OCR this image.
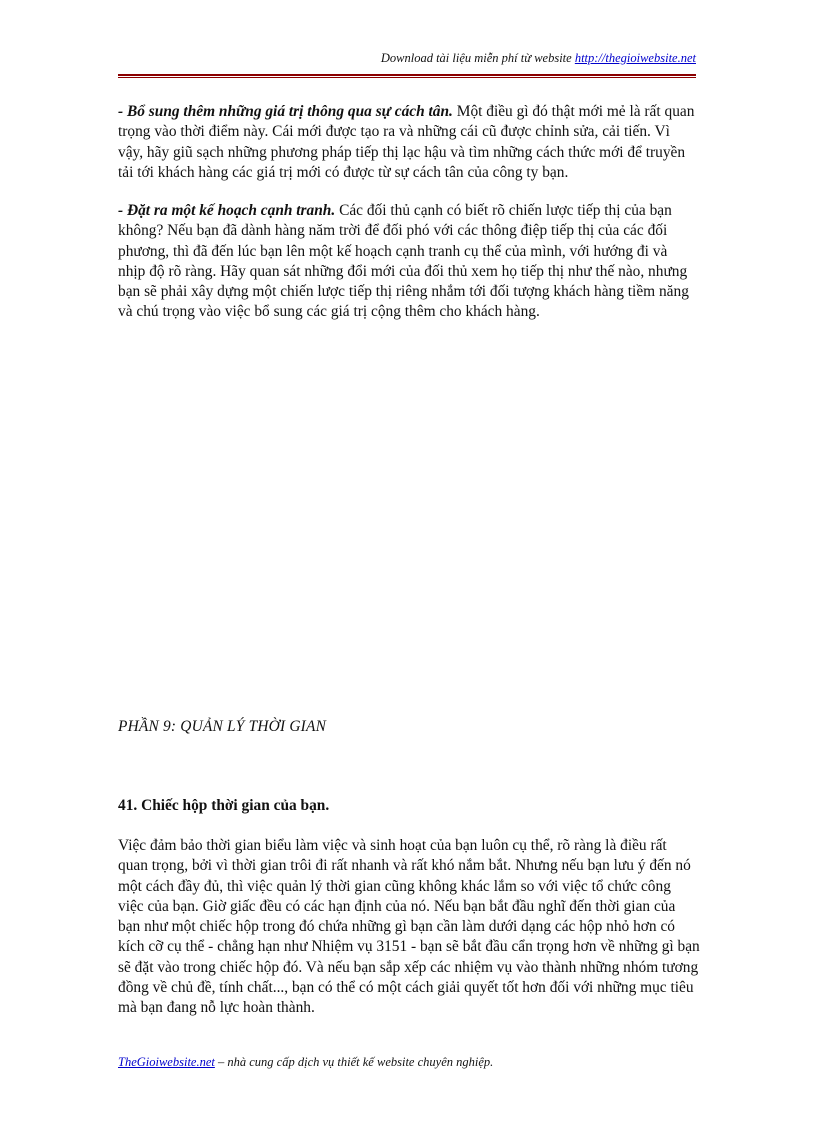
Download tài liệu miễn phí từ website http://thegioiwebsite.net

- Bổ sung thêm những giá trị thông qua sự cách tân. Một điều gì đó thật mới mẻ là rất quan trọng vào thời điểm này. Cái mới được tạo ra và những cái cũ được chỉnh sửa, cải tiến. Vì vậy, hãy giũ sạch những phương pháp tiếp thị lạc hậu và tìm những cách thức mới để truyền tải tới khách hàng các giá trị mới có được từ sự cách tân của công ty bạn.

- Đặt ra một kế hoạch cạnh tranh. Các đối thủ cạnh có biết rõ chiến lược tiếp thị của bạn không? Nếu bạn đã dành hàng năm trời để đối phó với các thông điệp tiếp thị của các đối phương, thì đã đến lúc bạn lên một kế hoạch cạnh tranh cụ thể của mình, với hướng đi và nhịp độ rõ ràng. Hãy quan sát những đổi mới của đối thủ xem họ tiếp thị như thế nào, nhưng bạn sẽ phải xây dựng một chiến lược tiếp thị riêng nhắm tới đối tượng khách hàng tiềm năng và chú trọng vào việc bổ sung các giá trị cộng thêm cho khách hàng.

PHẦN 9: QUẢN LÝ THỜI GIAN
41. Chiếc hộp thời gian của bạn.

Việc đảm bảo thời gian biểu làm việc và sinh hoạt của bạn luôn cụ thể, rõ ràng là điều rất quan trọng, bởi vì thời gian trôi đi rất nhanh và rất khó nắm bắt. Nhưng nếu bạn lưu ý đến nó một cách đầy đủ, thì việc quản lý thời gian cũng không khác lắm so với việc tổ chức công việc của bạn. Giờ giấc đều có các hạn định của nó. Nếu bạn bắt đầu nghĩ đến thời gian của bạn như một chiếc hộp trong đó chứa những gì bạn cần làm dưới dạng các hộp nhỏ hơn có kích cỡ cụ thể - chẳng hạn như Nhiệm vụ 3151 - bạn sẽ bắt đầu cẩn trọng hơn về những gì bạn sẽ đặt vào trong chiếc hộp đó. Và nếu bạn sắp xếp các nhiệm vụ vào thành những nhóm tương đồng về chủ đề, tính chất..., bạn có thể có một cách giải quyết tốt hơn đối với những mục tiêu mà bạn đang nỗ lực hoàn thành.

TheGioiwebsite.net – nhà cung cấp dịch vụ thiết kế website chuyên nghiệp.
